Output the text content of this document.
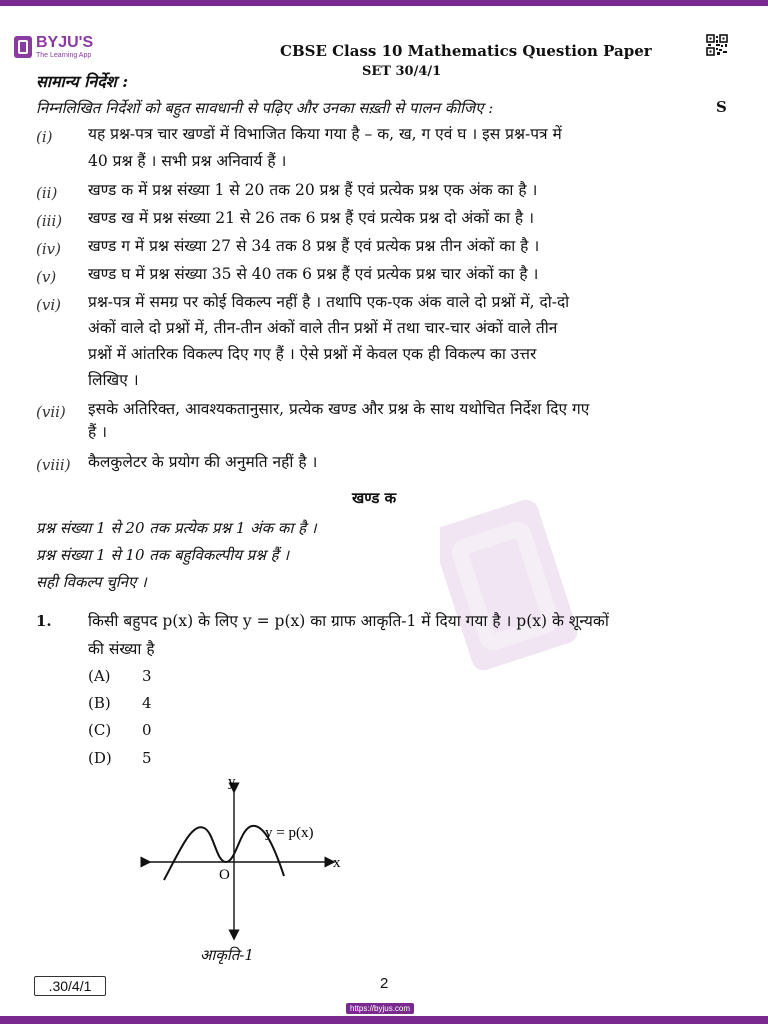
BYJU'S
The Learning App	CBSE Class 10 Mathematics Question Paper
SET 30/4/1
S
सामान्य निर्देश :
निम्नलिखित निर्देशों को बहुत सावधानी से पढ़िए और उनका सख़्ती से पालन कीजिए :
(i) यह प्रश्न-पत्र चार खण्डों में विभाजित किया गया है – क, ख, ग एवं घ । इस प्रश्न-पत्र में
40 प्रश्न हैं । सभी प्रश्न अनिवार्य हैं ।
(ii) खण्ड क में प्रश्न संख्या 1 से 20 तक 20 प्रश्न हैं एवं प्रत्येक प्रश्न एक अंक का है ।
(iii) खण्ड ख में प्रश्न संख्या 21 से 26 तक 6 प्रश्न हैं एवं प्रत्येक प्रश्न दो अंकों का है ।
(iv) खण्ड ग में प्रश्न संख्या 27 से 34 तक 8 प्रश्न हैं एवं प्रत्येक प्रश्न तीन अंकों का है ।
(v) खण्ड घ में प्रश्न संख्या 35 से 40 तक 6 प्रश्न हैं एवं प्रत्येक प्रश्न चार अंकों का है ।
(vi) प्रश्न-पत्र में समग्र पर कोई विकल्प नहीं है । तथापि एक-एक अंक वाले दो प्रश्नों में, दो-दो
अंकों वाले दो प्रश्नों में, तीन-तीन अंकों वाले तीन प्रश्नों में तथा चार-चार अंकों वाले तीन
प्रश्नों में आंतरिक विकल्प दिए गए हैं । ऐसे प्रश्नों में केवल एक ही विकल्प का उत्तर
लिखिए ।
(vii) इसके अतिरिक्त, आवश्यकतानुसार, प्रत्येक खण्ड और प्रश्न के साथ यथोचित निर्देश दिए गए
हैं ।
(viii) कैलकुलेटर के प्रयोग की अनुमति नहीं है ।
खण्ड क
प्रश्न संख्या 1 से 20 तक प्रत्येक प्रश्न 1 अंक का है ।
प्रश्न संख्या 1 से 10 तक बहुविकल्पीय प्रश्न हैं ।
सही विकल्प चुनिए ।
1. किसी बहुपद p(x) के लिए y = p(x) का ग्राफ आकृति-1 में दिया गया है । p(x) के शून्यकों
की संख्या है
(A) 3
(B) 4
(C) 0
(D) 5
y
x
O
y = p(x)
आकृति-1
.30/4/1	2
https://byjus.com
